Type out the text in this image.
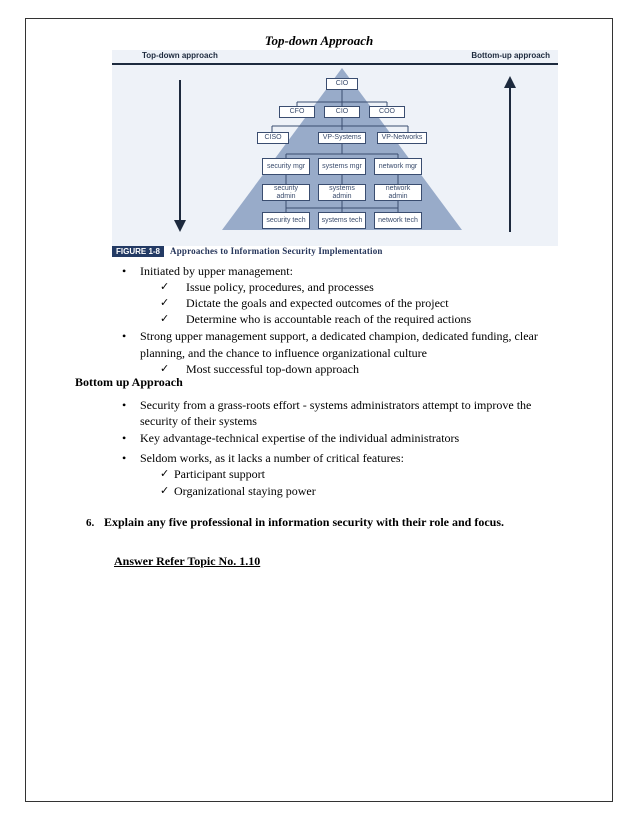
Top-down Approach
Top-down approach	Bottom-up approach
CIO
CFO	CIO	COO
CISO	VP-Systems	VP-Networks
security mgr	systems mgr	network mgr
security admin
systems admin
network admin
security tech	systems tech	network tech
FIGURE 1-8 Approaches to Information Security Implementation
• Initiated by upper management:
✓ Issue policy, procedures, and processes
✓ Dictate the goals and expected outcomes of the project
✓ Determine who is accountable reach of the required actions
• Strong upper management support, a dedicated champion, dedicated funding, clear
planning, and the chance to influence organizational culture
✓ Most successful top-down approach
Bottom up Approach
• Security from a grass-roots effort - systems administrators attempt to improve the
security of their systems
• Key advantage-technical expertise of the individual administrators
• Seldom works, as it lacks a number of critical features:
✓ Participant support
✓ Organizational staying power
6. Explain any five professional in information security with their role and focus.
Answer Refer Topic No. 1.10
